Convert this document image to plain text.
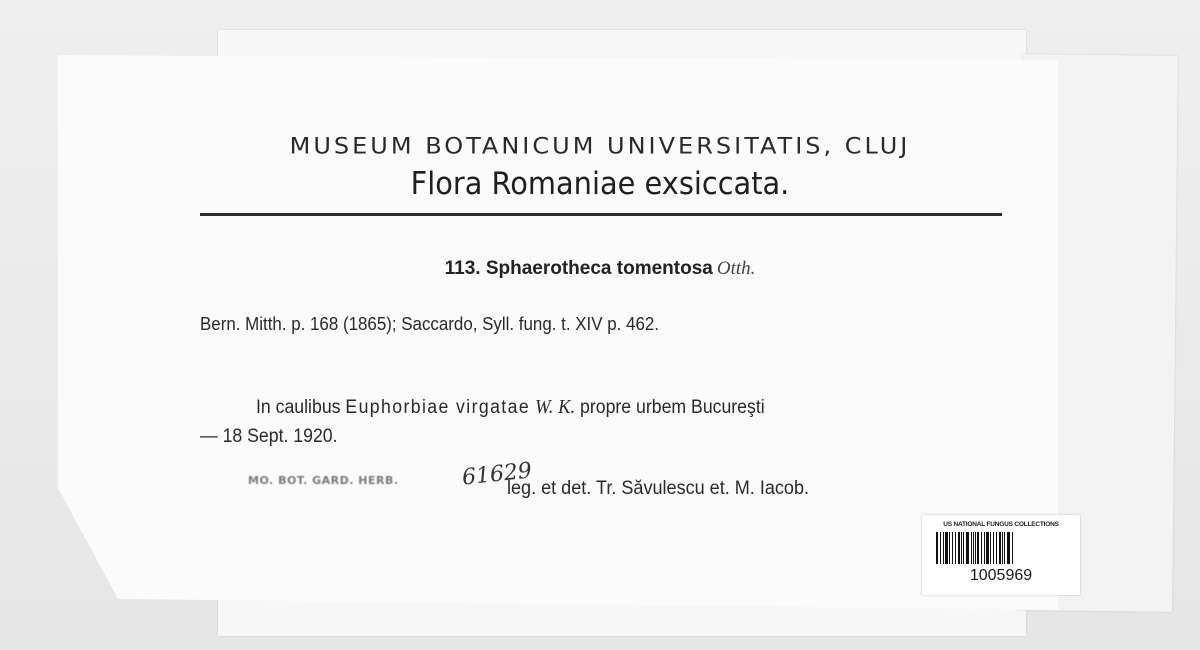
MUSEUM BOTANICUM UNIVERSITATIS, CLUJ
Flora Romaniae exsiccata.
113. Sphaerotheca tomentosa Otth.
Bern. Mitth. p. 168 (1865); Saccardo, Syll. fung. t. XIV p. 462.
In caulibus Euphorbiae virgatae W. K. propre urbem Bucureşti
— 18 Sept. 1920.
MO. BOT. GARD. HERB.	61629
leg. et det. Tr. Săvulescu et. M. Iacob.
US NATIONAL FUNGUS COLLECTIONS
1005969
